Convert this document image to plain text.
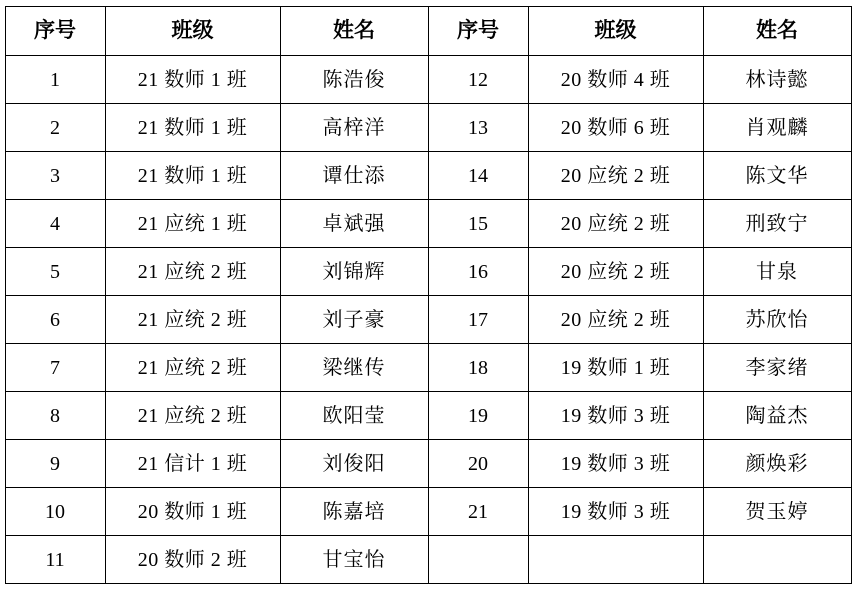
序号	班级	姓名	序号	班级	姓名
1	21 数师 1 班	陈浩俊	12	20 数师 4 班	林诗懿
2	21 数师 1 班	高梓洋	13	20 数师 6 班	肖观麟
3	21 数师 1 班	谭仕添	14	20 应统 2 班	陈文华
4	21 应统 1 班	卓斌强	15	20 应统 2 班	刑致宁
5	21 应统 2 班	刘锦辉	16	20 应统 2 班	甘泉
6	21 应统 2 班	刘子豪	17	20 应统 2 班	苏欣怡
7	21 应统 2 班	梁继传	18	19 数师 1 班	李家绪
8	21 应统 2 班	欧阳莹	19	19 数师 3 班	陶益杰
9	21 信计 1 班	刘俊阳	20	19 数师 3 班	颜焕彩
10	20 数师 1 班	陈嘉培	21	19 数师 3 班	贺玉婷
11	20 数师 2 班	甘宝怡			
